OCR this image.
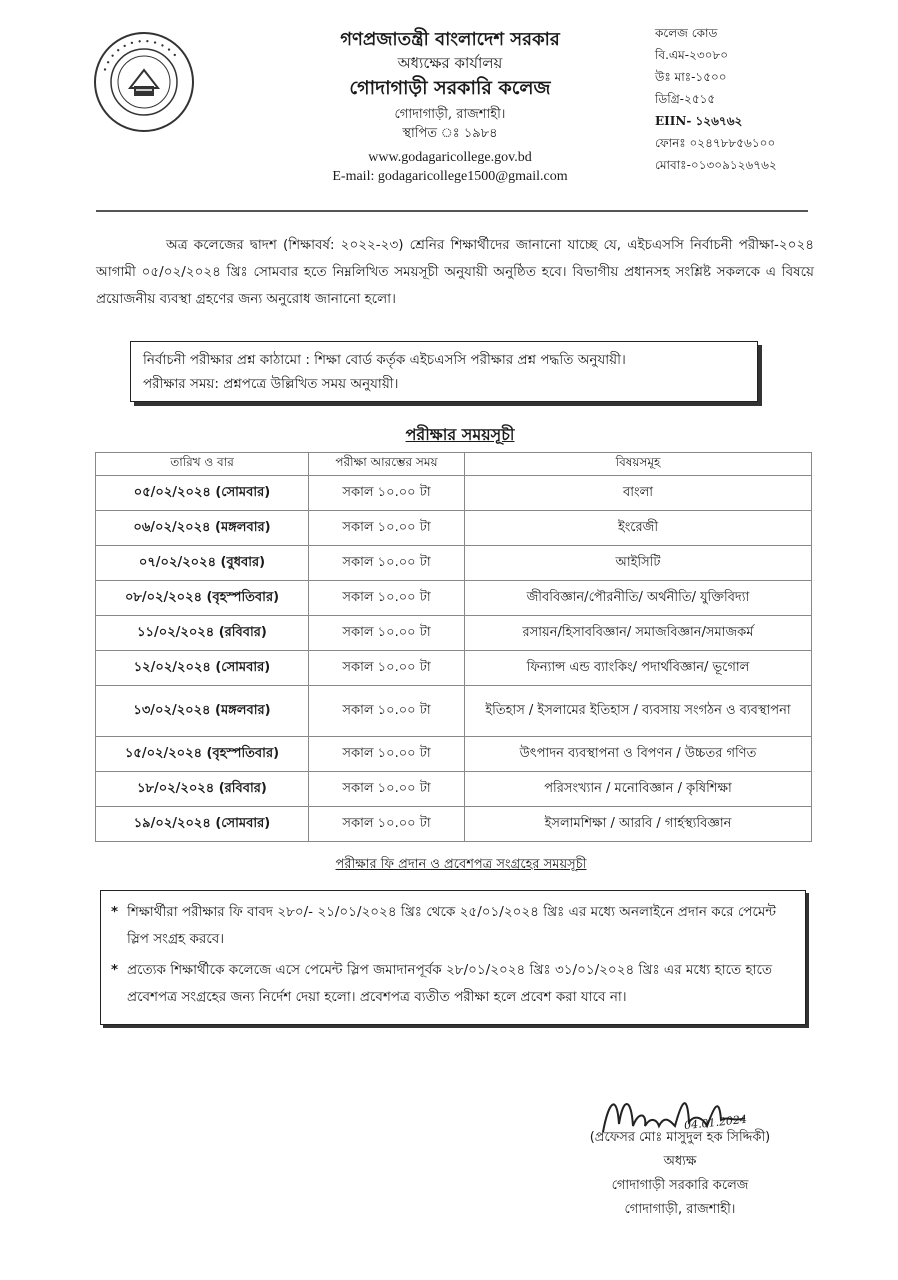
• • • • • • • • • • • •
গণপ্রজাতন্ত্রী বাংলাদেশ সরকার
অধ্যক্ষের কার্যালয়
গোদাগাড়ী সরকারি কলেজ
গোদাগাড়ী, রাজশাহী।
স্থাপিত ঃ ১৯৮৪
www.godagaricollege.gov.bd
E-mail: godagaricollege1500@gmail.com
কলেজ কোড
বি.এম-২৩০৮০
উঃ মাঃ-১৫০০
ডিগ্রি-২৫১৫
EIIN- ১২৬৭৬২
ফোনঃ ০২৪৭৮৮৫৬১০০
মোবাঃ-০১৩০৯১২৬৭৬২
অত্র কলেজের দ্বাদশ (শিক্ষাবর্ষ: ২০২২-২৩) শ্রেনির শিক্ষার্থীদের জানানো যাচ্ছে যে, এইচএসসি নির্বাচনী পরীক্ষা-২০২৪ আগামী ০৫/০২/২০২৪ খ্রিঃ সোমবার হতে নিম্নলিখিত সময়সূচী অনুযায়ী অনুষ্ঠিত হবে। বিভাগীয় প্রধানসহ সংশ্লিষ্ট সকলকে এ বিষয়ে প্রয়োজনীয় ব্যবস্থা গ্রহণের জন্য অনুরোধ জানানো হলো।
নির্বাচনী পরীক্ষার প্রশ্ন কাঠামো : শিক্ষা বোর্ড কর্তৃক এইচএসসি পরীক্ষার প্রশ্ন পদ্ধতি অনুযায়ী।
পরীক্ষার সময়: প্রশ্নপত্রে উল্লিখিত সময় অনুযায়ী।
পরীক্ষার সময়সূচী
তারিখ ও বার	পরীক্ষা আরম্ভের সময়	বিষয়সমূহ
০৫/০২/২০২৪ (সোমবার)	সকাল ১০.০০ টা	বাংলা
০৬/০২/২০২৪ (মঙ্গলবার)	সকাল ১০.০০ টা	ইংরেজী
০৭/০২/২০২৪ (বুধবার)	সকাল ১০.০০ টা	আইসিটি
০৮/০২/২০২৪ (বৃহস্পতিবার)	সকাল ১০.০০ টা	জীববিজ্ঞান/পৌরনীতি/ অর্থনীতি/ যুক্তিবিদ্যা
১১/০২/২০২৪ (রবিবার)	সকাল ১০.০০ টা	রসায়ন/হিসাববিজ্ঞান/ সমাজবিজ্ঞান/সমাজকর্ম
১২/০২/২০২৪ (সোমবার)	সকাল ১০.০০ টা	ফিন্যান্স এন্ড ব্যাংকিং/ পদার্থবিজ্ঞান/ ভূগোল
১৩/০২/২০২৪ (মঙ্গলবার)	সকাল ১০.০০ টা	ইতিহাস / ইসলামের ইতিহাস / ব্যবসায় সংগঠন ও ব্যবস্থাপনা
১৫/০২/২০২৪ (বৃহস্পতিবার)	সকাল ১০.০০ টা	উৎপাদন ব্যবস্থাপনা ও বিপণন / উচ্চতর গণিত
১৮/০২/২০২৪ (রবিবার)	সকাল ১০.০০ টা	পরিসংখ্যান / মনোবিজ্ঞান / কৃষিশিক্ষা
১৯/০২/২০২৪ (সোমবার)	সকাল ১০.০০ টা	ইসলামশিক্ষা / আরবি / গার্হস্থ্যবিজ্ঞান
পরীক্ষার ফি প্রদান ও প্রবেশপত্র সংগ্রহের সময়সূচী
* শিক্ষার্থীরা পরীক্ষার ফি বাবদ ২৮০/- ২১/০১/২০২৪ খ্রিঃ থেকে ২৫/০১/২০২৪ খ্রিঃ এর মধ্যে অনলাইনে প্রদান করে পেমেন্ট স্লিপ সংগ্রহ করবে।
* প্রত্যেক শিক্ষার্থীকে কলেজে এসে পেমেন্ট স্লিপ জমাদানপূর্বক ২৮/০১/২০২৪ খ্রিঃ ৩১/০১/২০২৪ খ্রিঃ এর মধ্যে হাতে হাতে প্রবেশপত্র সংগ্রহের জন্য নির্দেশ দেয়া হলো। প্রবেশপত্র ব্যতীত পরীক্ষা হলে প্রবেশ করা যাবে না।
04.01.2024
(প্রফেসর মোঃ মাসুদুল হক সিদ্দিকী)
অধ্যক্ষ
গোদাগাড়ী সরকারি কলেজ
গোদাগাড়ী, রাজশাহী।
